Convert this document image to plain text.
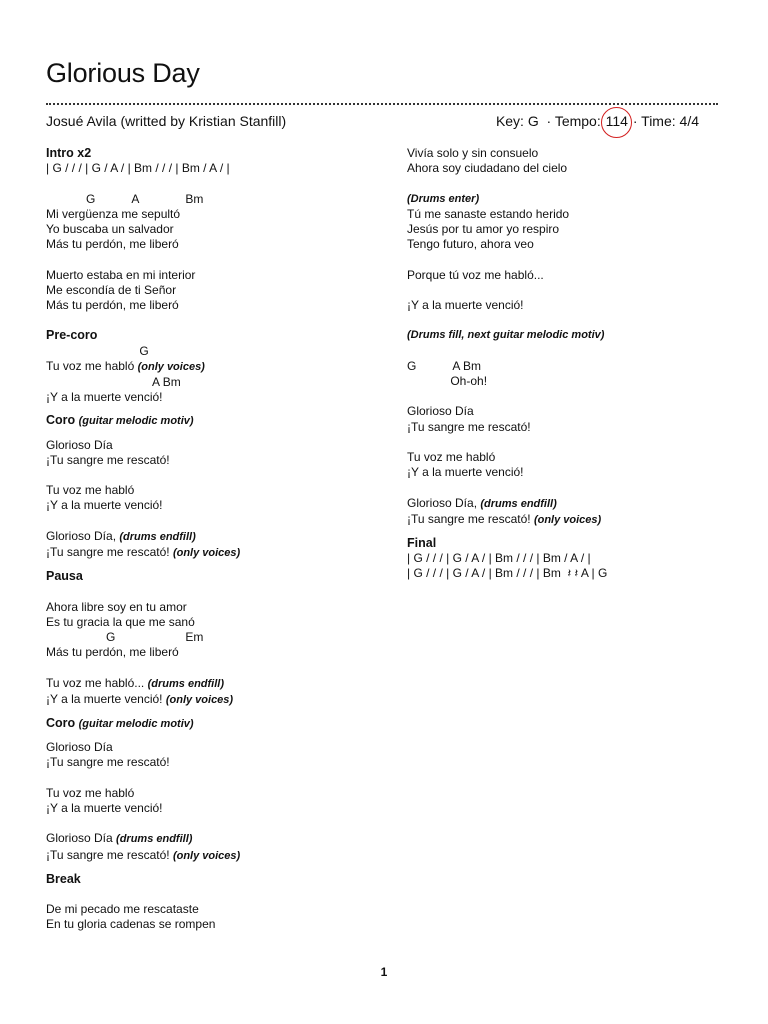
Glorious Day
Josué Avila (writted by Kristian Stanfill)	Key: G  · Tempo: 114 · Time: 4/4
Intro x2
| G / / / | G / A / | Bm / / / | Bm / A / |
G           A              Bm
Mi vergüenza me sepultó
Yo buscaba un salvador
Más tu perdón, me liberó
Muerto estaba en mi interior
Me escondía de ti Señor
Más tu perdón, me liberó
Pre-coro
G
Tu voz me habló (only voices)
A Bm
¡Y a la muerte venció!
Coro (guitar melodic motiv)
Glorioso Día
¡Tu sangre me rescató!
Tu voz me habló
¡Y a la muerte venció!
Glorioso Día, (drums endfill)
¡Tu sangre me rescató! (only voices)
Pausa
Ahora libre soy en tu amor
Es tu gracia la que me sanó
G                     Em
Más tu perdón, me liberó
Tu voz me habló... (drums endfill)
¡Y a la muerte venció! (only voices)
Coro (guitar melodic motiv)
Glorioso Día
¡Tu sangre me rescató!
Tu voz me habló
¡Y a la muerte venció!
Glorioso Día (drums endfill)
¡Tu sangre me rescató! (only voices)
Break
De mi pecado me rescataste
En tu gloria cadenas se rompen
Vivía solo y sin consuelo
Ahora soy ciudadano del cielo
(Drums enter)
Tú me sanaste estando herido
Jesús por tu amor yo respiro
Tengo futuro, ahora veo
Porque tú voz me habló...
¡Y a la muerte venció!
(Drums fill, next guitar melodic motiv)
G           A Bm
Oh-oh!
Glorioso Día
¡Tu sangre me rescató!
Tu voz me habló
¡Y a la muerte venció!
Glorioso Día, (drums endfill)
¡Tu sangre me rescató! (only voices)
Final
| G / / / | G / A / | Bm / / / | Bm / A / |
| G / / / | G / A / | Bm / / / | Bm  𝄽 𝄽 A | G
1
